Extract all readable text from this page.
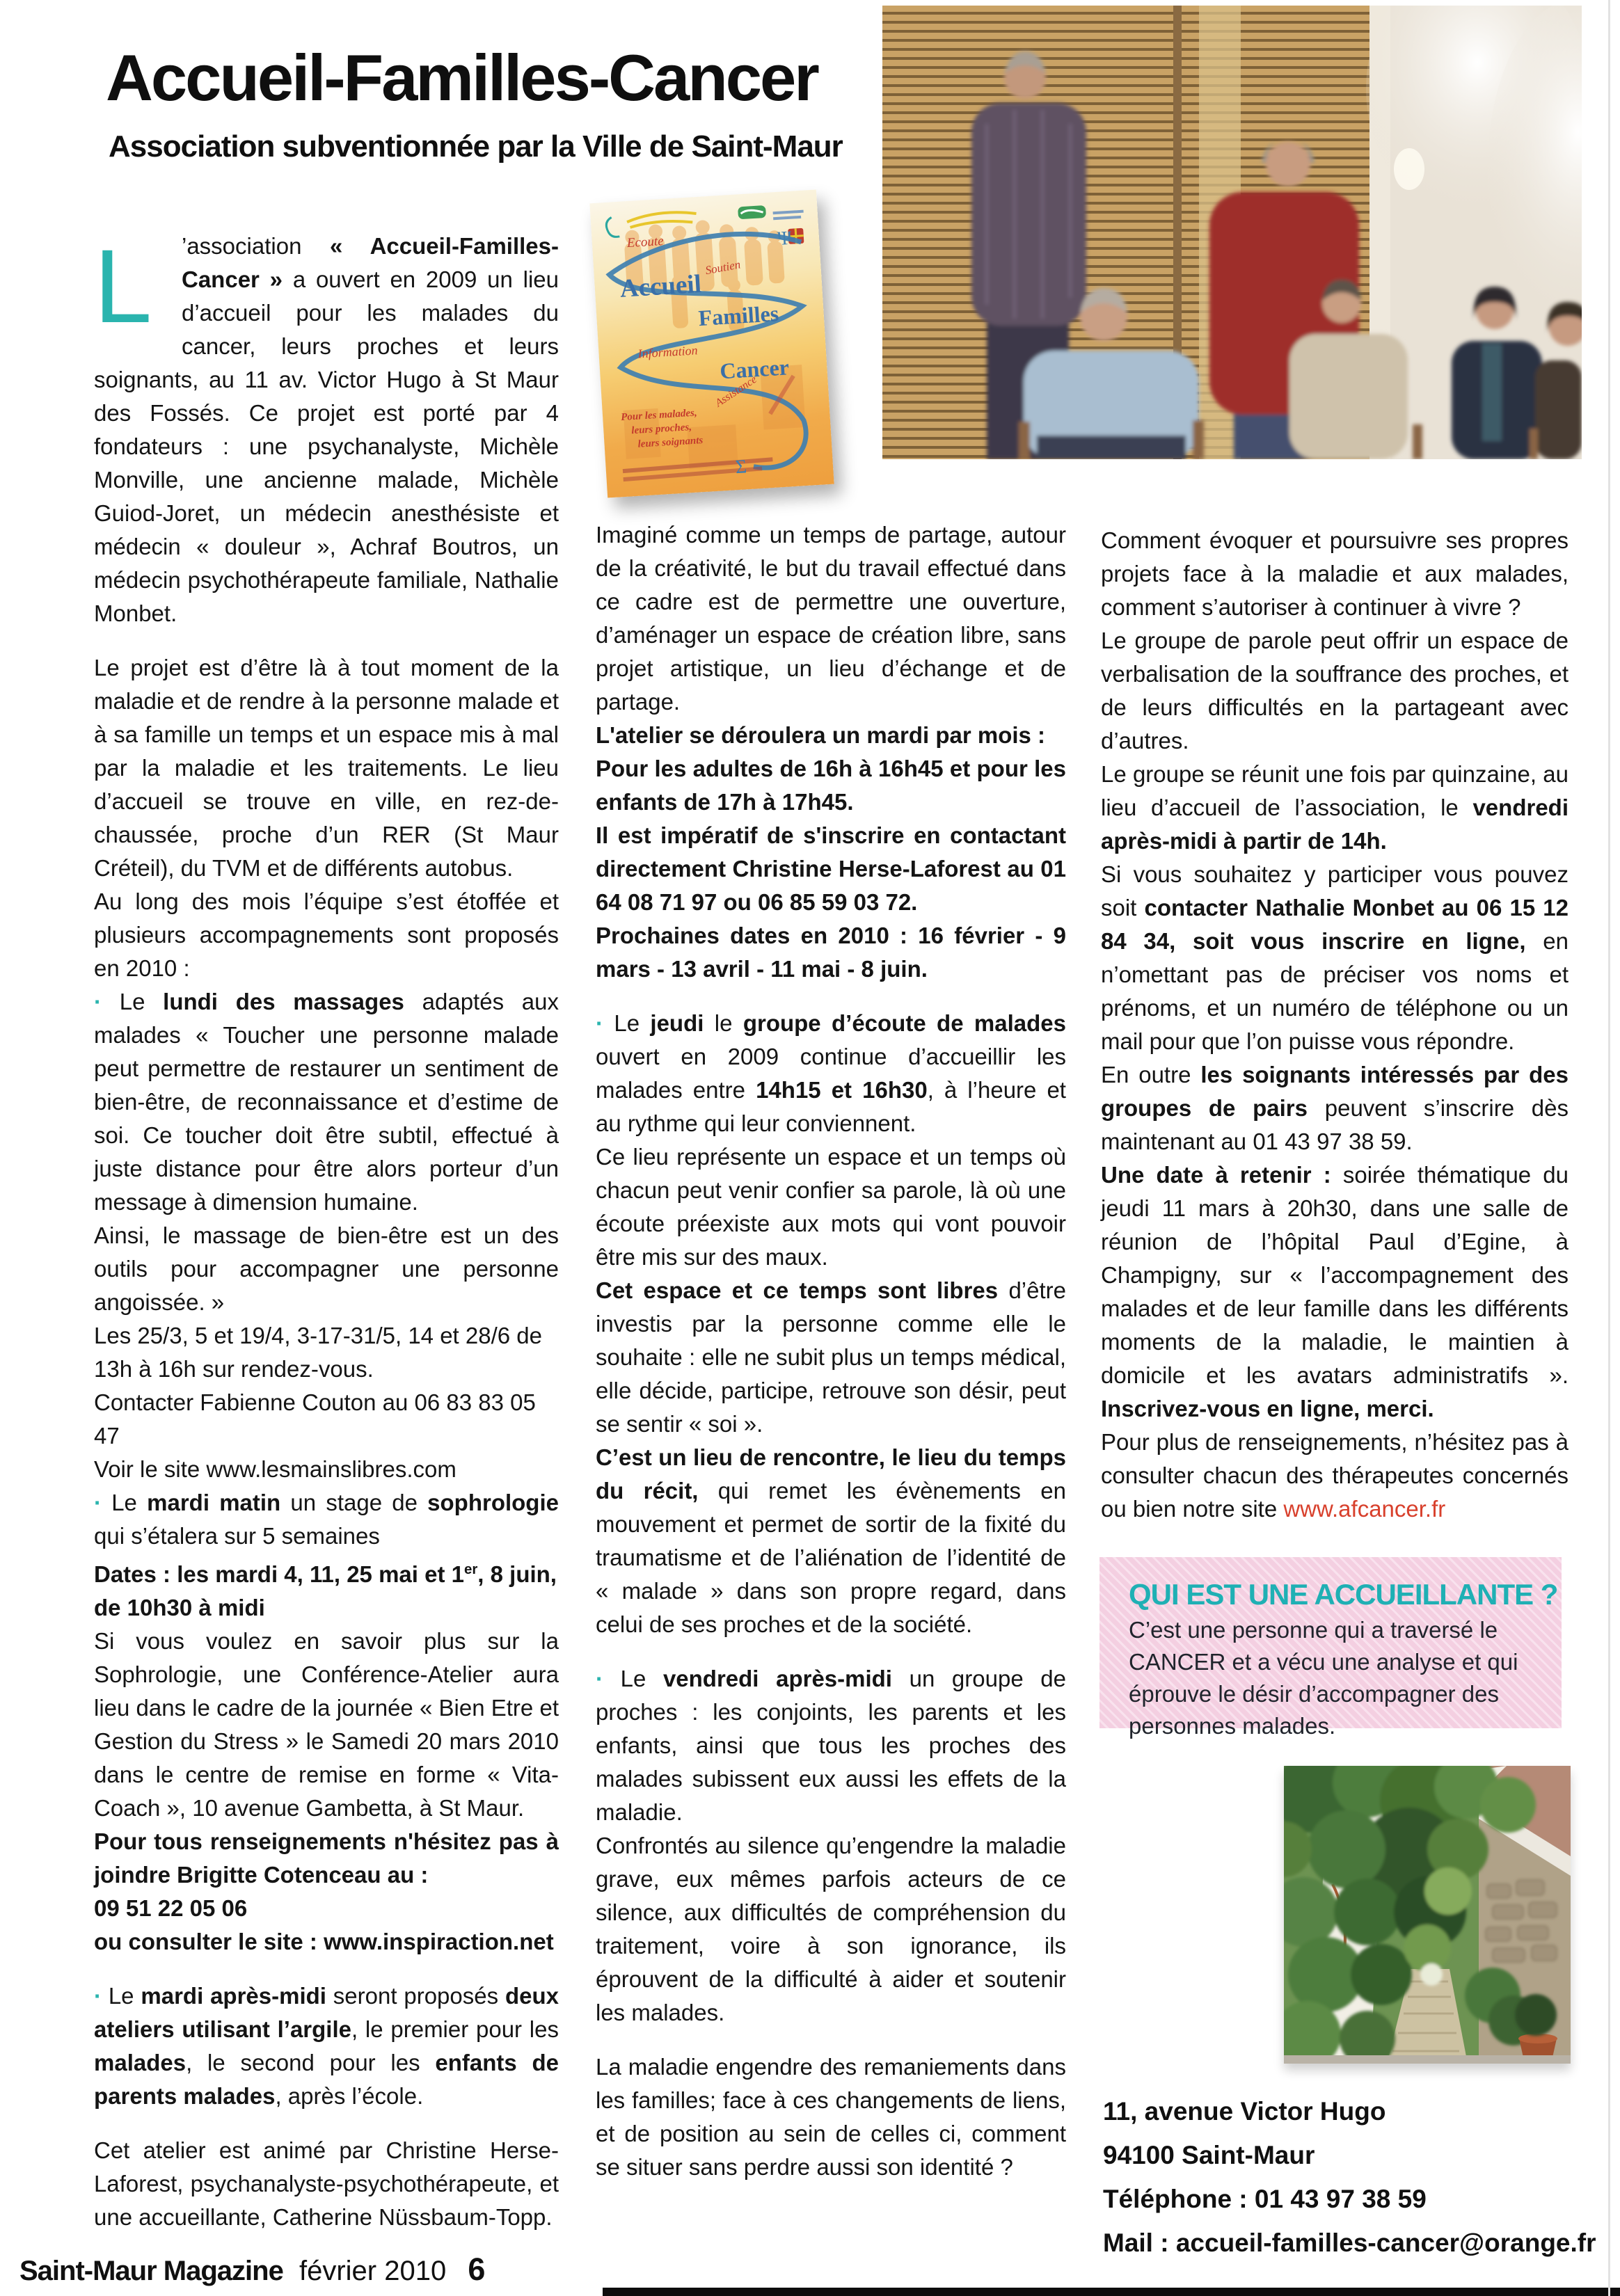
Accueil-Familles-Cancer
Association subventionnée par la Ville de Saint-Maur
Ecoute
Accueil
Soutien
Familles
Information
Cancer
Assistance
Ψ
Σ
Pour les malades,
leurs proches,
leurs soignants

L	’association « Accueil-Familles-Cancer » a ouvert en 2009 un lieu d’accueil pour les malades du cancer, leurs proches et leurs soignants, au 11 av. Victor Hugo à St Maur des Fossés. Ce projet est porté par 4 fondateurs : une psychanalyste, Michèle Monville, une ancienne malade, Michèle Guiod-Joret, un médecin anesthésiste et médecin « douleur », Achraf Boutros, un médecin psychothérapeute familiale, Nathalie Monbet.

Le projet est d’être là à tout moment de la maladie et de rendre à la personne malade et à sa famille un temps et un espace mis à mal par la maladie et les traitements. Le lieu d’accueil se trouve en ville, en rez-de-chaussée, proche d’un RER (St Maur Créteil), du TVM et de différents autobus.

Au long des mois l’équipe s’est étoffée et plusieurs accompagnements sont proposés en 2010 :

· Le lundi des massages adaptés aux malades « Toucher une personne malade peut permettre de restaurer un sentiment de bien-être, de reconnaissance et d’estime de soi. Ce toucher doit être subtil, effectué à juste distance pour être alors porteur d’un message à dimension humaine.

Ainsi, le massage de bien-être est un des outils pour accompagner une personne angoissée. »

Les 25/3, 5 et 19/4, 3-17-31/5, 14 et 28/6 de 13h à 16h sur rendez-vous.

Contacter Fabienne Couton au 06 83 83 05 47

Voir le site www.lesmainslibres.com

· Le mardi matin un stage de sophrologie qui s’étalera sur 5 semaines

Dates : les mardi 4, 11, 25 mai et 1er, 8 juin, de 10h30 à midi

Si vous voulez en savoir plus sur la Sophrologie, une Conférence-Atelier aura lieu dans le cadre de la journée « Bien Etre et Gestion du Stress » le Samedi 20 mars 2010 dans le centre de remise en forme « Vita-Coach », 10 avenue Gambetta, à St Maur.

Pour tous renseignements n'hésitez pas à joindre Brigitte Cotenceau au :

09 51 22 05 06

ou consulter le site : www.inspiraction.net

· Le mardi après-midi seront proposés deux ateliers utilisant l’argile, le premier pour les malades, le second pour les enfants de parents malades, après l’école.

Cet atelier est animé par Christine Herse-Laforest, psychanalyste-psychothérapeute, et une accueillante, Catherine Nüssbaum-Topp.

Imaginé comme un temps de partage, autour de la créativité, le but du travail effectué dans ce cadre est de permettre une ouverture, d’aménager un espace de création libre, sans projet artistique, un lieu d’échange et de partage.

L'atelier se déroulera un mardi par mois :

Pour les adultes de 16h à 16h45 et pour les enfants de 17h à 17h45.

Il est impératif de s'inscrire en contactant directement Christine Herse-Laforest au 01 64 08 71 97 ou 06 85 59 03 72.

Prochaines dates en 2010 : 16 février - 9 mars - 13 avril - 11 mai - 8 juin.

· Le jeudi le groupe d’écoute de malades ouvert en 2009 continue d’accueillir les malades entre 14h15 et 16h30, à l’heure et au rythme qui leur conviennent.

Ce lieu représente un espace et un temps où chacun peut venir confier sa parole, là où une écoute préexiste aux mots qui vont pouvoir être mis sur des maux.

Cet espace et ce temps sont libres d’être investis par la personne comme elle le souhaite : elle ne subit plus un temps médical, elle décide, participe, retrouve son désir, peut se sentir « soi ».

C’est un lieu de rencontre, le lieu du temps du récit, qui remet les évènements en mouvement et permet de sortir de la fixité du traumatisme et de l’aliénation de l’identité de « malade » dans son propre regard, dans celui de ses proches et de la société.

· Le vendredi après-midi un groupe de proches : les conjoints, les parents et les enfants, ainsi que tous les proches des malades subissent eux aussi les effets de la maladie.

Confrontés au silence qu’engendre la maladie grave, eux mêmes parfois acteurs de ce silence, aux difficultés de compréhension du traitement, voire à son ignorance, ils éprouvent de la difficulté à aider et soutenir les malades.

La maladie engendre des remaniements dans les familles; face à ces changements de liens, et de position au sein de celles ci, comment se situer sans perdre aussi son identité ?

Comment évoquer et poursuivre ses propres projets face à la maladie et aux malades, comment s’autoriser à continuer à vivre ?

Le groupe de parole peut offrir un espace de verbalisation de la souffrance des proches, et de leurs difficultés en la partageant avec d’autres.

Le groupe se réunit une fois par quinzaine, au lieu d’accueil de l’association, le vendredi après-midi à partir de 14h.

Si vous souhaitez y participer vous pouvez soit contacter Nathalie Monbet au 06 15 12 84 34, soit vous inscrire en ligne, en n’omettant pas de préciser vos noms et prénoms, et un numéro de téléphone ou un mail pour que l’on puisse vous répondre.

En outre les soignants intéressés par des groupes de pairs peuvent s’inscrire dès maintenant au 01 43 97 38 59.

Une date à retenir : soirée thématique du jeudi 11 mars à 20h30, dans une salle de réunion de l’hôpital Paul d’Egine, à Champigny, sur « l’accompagnement des malades et de leur famille dans les différents moments de la maladie, le maintien à domicile et les avatars administratifs ». Inscrivez-vous en ligne, merci.

Pour plus de renseignements, n’hésitez pas à consulter chacun des thérapeutes concernés ou bien notre site www.afcancer.fr

QUI EST UNE ACCUEILLANTE ?
C’est une personne qui a traversé le CANCER et a vécu une analyse et qui éprouve le désir d’accompagner des personnes malades.
11, avenue Victor Hugo
94100 Saint-Maur
Téléphone : 01 43 97 38 59
Mail : accueil-familles-cancer@orange.fr
Saint-Maur Magazine février 2010 6
